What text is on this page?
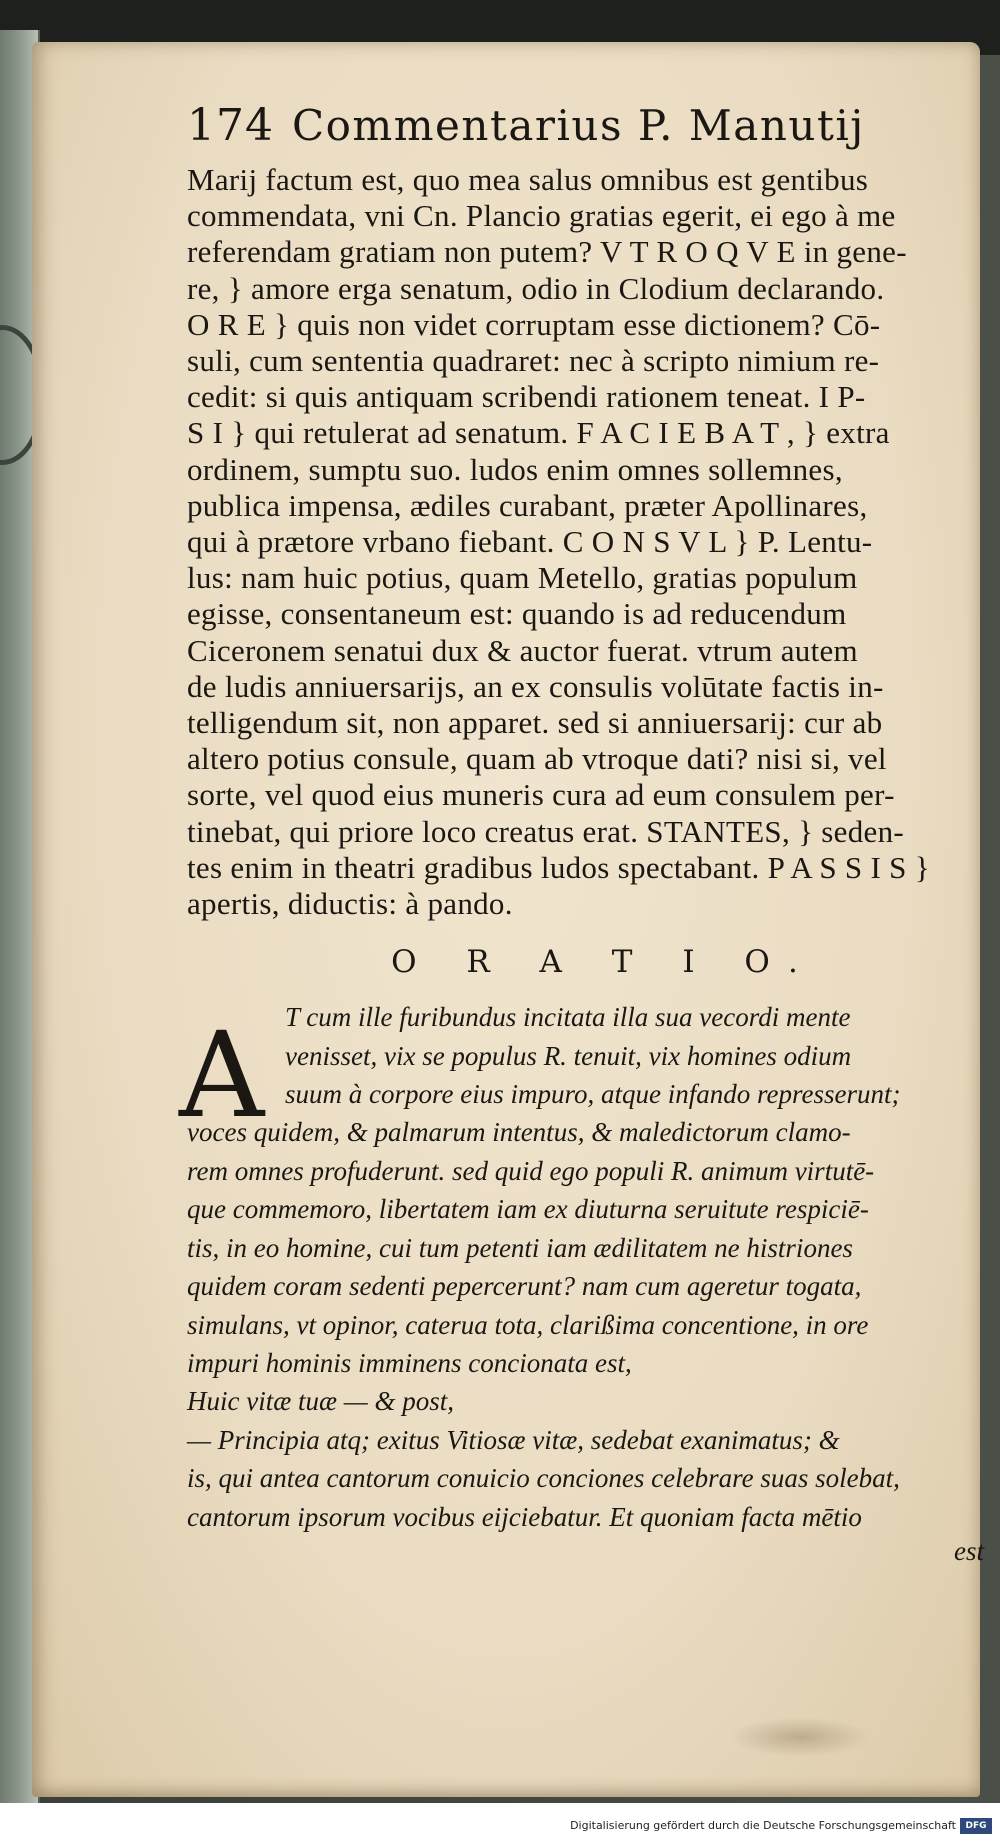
174 Commentarius P. Manutij
Marij factum est, quo mea salus omnibus est gentibus
commendata, vni Cn. Plancio gratias egerit, ei ego à me
referendam gratiam non putem? V T R O Q V E in gene-
re, } amore erga senatum, odio in Clodium declarando.
O R E } quis non videt corruptam esse dictionem? Cō-
suli, cum sententia quadraret: nec à scripto nimium re-
cedit: si quis antiquam scribendi rationem teneat. I P-
S I } qui retulerat ad senatum. F A C I E B A T , } extra
ordinem, sumptu suo. ludos enim omnes sollemnes,
publica impensa, ædiles curabant, præter Apollinares,
qui à prætore vrbano fiebant. C O N S V L } P. Lentu-
lus: nam huic potius, quam Metello, gratias populum
egisse, consentaneum est: quando is ad reducendum
Ciceronem senatui dux & auctor fuerat. vtrum autem
de ludis anniuersarijs, an ex consulis volūtate factis in-
telligendum sit, non apparet. sed si anniuersarij: cur ab
altero potius consule, quam ab vtroque dati? nisi si, vel
sorte, vel quod eius muneris cura ad eum consulem per-
tinebat, qui priore loco creatus erat. STANTES, } seden-
tes enim in theatri gradibus ludos spectabant. P A S S I S }
apertis, diductis: à pando.
O R A T I O.
A T cum ille furibundus incitata illa sua vecordi mente
venisset, vix se populus R. tenuit, vix homines odium
suum à corpore eius impuro, atque infando represserunt;
voces quidem, & palmarum intentus, & maledictorum clamo-
rem omnes profuderunt. sed quid ego populi R. animum virtutē-
que commemoro, libertatem iam ex diuturna seruitute respiciē-
tis, in eo homine, cui tum petenti iam ædilitatem ne histriones
quidem coram sedenti pepercerunt? nam cum ageretur togata,
simulans, vt opinor, caterua tota, clarißima concentione, in ore
impuri hominis imminens concionata est,
Huic vitæ tuæ — & post,
— Principia atq; exitus Vitiosæ vitæ, sedebat exanimatus; &
is, qui antea cantorum conuicio conciones celebrare suas solebat,
cantorum ipsorum vocibus eijciebatur. Et quoniam facta mētio
est
Digitalisierung gefördert durch die Deutsche Forschungsgemeinschaft	DFG
